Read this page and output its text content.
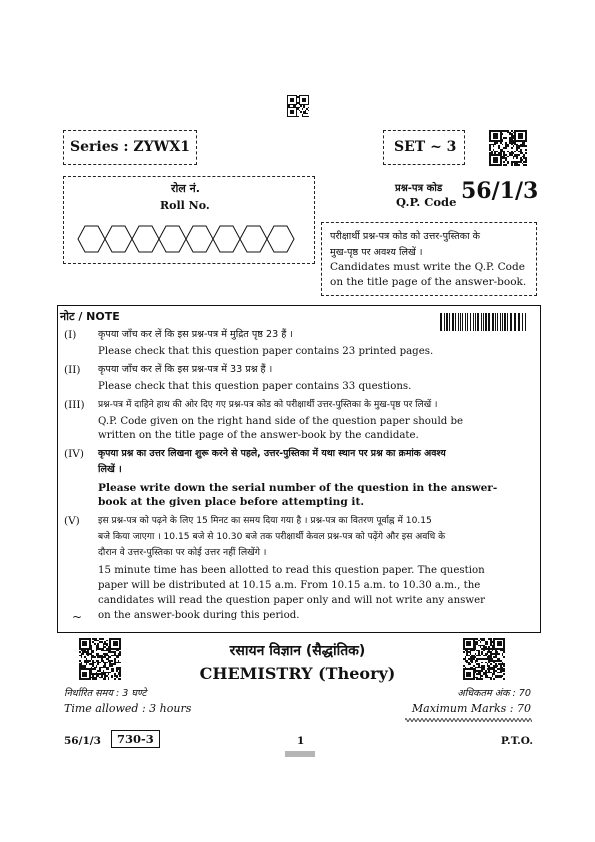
Series : ZYWX1	SET ~ 3
रोल नं.
Roll No.
प्रश्न-पत्र कोड
Q.P. Code 56/1/3
परीक्षार्थी प्रश्न-पत्र कोड को उत्तर-पुस्तिका के
मुख-पृष्ठ पर अवश्य लिखें ।
Candidates must write the Q.P. Code
on the title page of the answer-book.
नोट / NOTE
(I) कृपया जाँच कर लें कि इस प्रश्न-पत्र में मुद्रित पृष्ठ 23 हैं ।
Please check that this question paper contains 23 printed pages.
(II) कृपया जाँच कर लें कि इस प्रश्न-पत्र में 33 प्रश्न हैं ।
Please check that this question paper contains 33 questions.
(III) प्रश्न-पत्र में दाहिने हाथ की ओर दिए गए प्रश्न-पत्र कोड को परीक्षार्थी उत्तर-पुस्तिका के मुख-पृष्ठ पर लिखें ।
Q.P. Code given on the right hand side of the question paper should be
written on the title page of the answer-book by the candidate.
(IV) कृपया प्रश्न का उत्तर लिखना शुरू करने से पहले, उत्तर-पुस्तिका में यथा स्थान पर प्रश्न का क्रमांक अवश्य
लिखें ।
Please write down the serial number of the question in the answer-
book at the given place before attempting it.
(V) इस प्रश्न-पत्र को पढ़ने के लिए 15 मिनट का समय दिया गया है । प्रश्न-पत्र का वितरण पूर्वाह्न में 10.15
बजे किया जाएगा । 10.15 बजे से 10.30 बजे तक परीक्षार्थी केवल प्रश्न-पत्र को पढ़ेंगे और इस अवधि के
दौरान वे उत्तर-पुस्तिका पर कोई उत्तर नहीं लिखेंगे ।
15 minute time has been allotted to read this question paper. The question
paper will be distributed at 10.15 a.m. From 10.15 a.m. to 10.30 a.m., the
candidates will read the question paper only and will not write any answer
on the answer-book during this period.
~
रसायन विज्ञान (सैद्धांतिक)
CHEMISTRY (Theory)
निर्धारित समय : 3 घण्टे
Time allowed : 3 hours
अधिकतम अंक : 70
Maximum Marks : 70
56/1/3	730-3	1	P.T.O.
